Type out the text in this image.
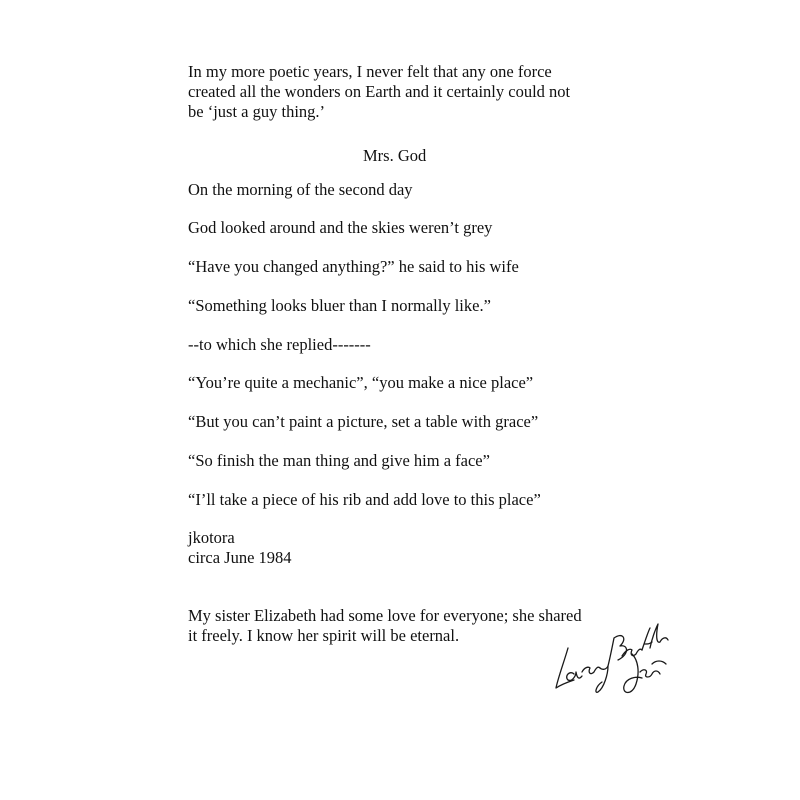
In my more poetic years, I never felt that any one force
created all the wonders on Earth and it certainly could not
be ‘just a guy thing.’
Mrs. God
On the morning of the second day
God looked around and the skies weren’t grey
“Have you changed anything?” he said to his wife
“Something looks bluer than I normally like.”
--to which she replied-------
“You’re quite a mechanic”, “you make a nice place”
“But you can’t paint a picture, set a table with grace”
“So finish the man thing and give him a face”
“I’ll take a piece of his rib and add love to this place”
jkotora
circa June 1984
My sister Elizabeth had some love for everyone; she shared
it freely. I know her spirit will be eternal.
